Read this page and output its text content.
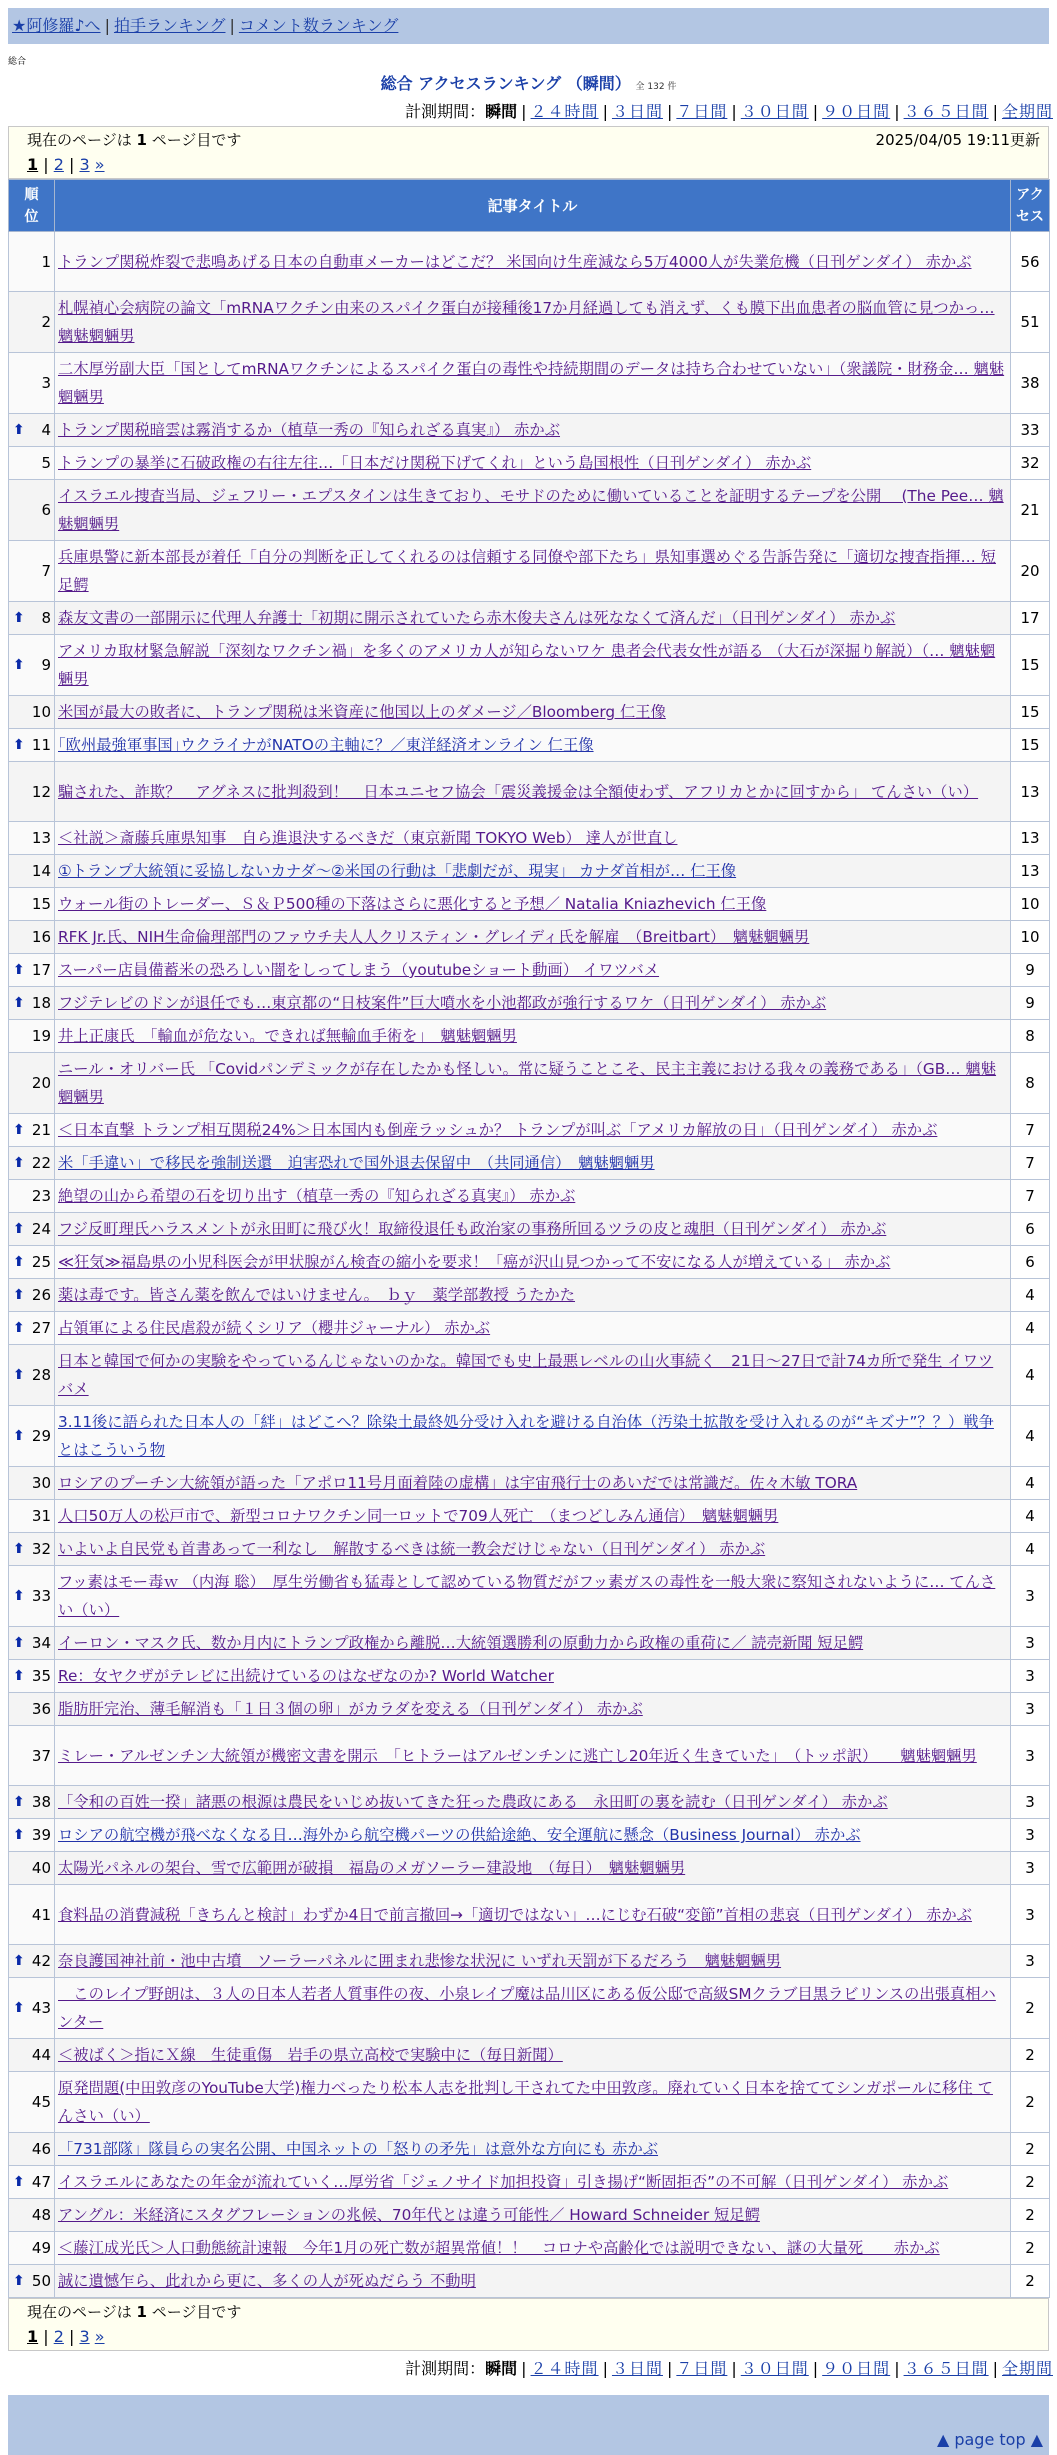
★阿修羅♪へ | 拍手ランキング | コメント数ランキング
総合
総合 アクセスランキング （瞬間） 全 132 件
計測期間：瞬間 | ２４時間 | ３日間 | ７日間 | ３０日間 | ９０日間 | ３６５日間 | 全期間
現在のページは 1 ページ目です	2025/04/05 19:11更新
1 | 2 | 3 »
順位	記事タイトル	アクセス
1	トランプ関税炸裂で悲鳴あげる日本の自動車メーカーはどこだ？ 米国向け生産減なら5万4000人が失業危機（日刊ゲンダイ） 赤かぶ	56
2	札幌禎心会病院の論文「mRNAワクチン由来のスパイク蛋白が接種後17か月経過しても消えず、くも膜下出血患者の脳血管に見つかっ… 魑魅魍魎男	51
3	二木厚労副大臣「国としてmRNAワクチンによるスパイク蛋白の毒性や持続期間のデータは持ち合わせていない」（衆議院・財務金… 魑魅魍魎男	38

⬆ 4	トランプ関税暗雲は霧消するか（植草一秀の『知られざる真実』） 赤かぶ	33
5	トランプの暴挙に石破政権の右往左往…「日本だけ関税下げてくれ」という島国根性（日刊ゲンダイ） 赤かぶ	32
6	イスラエル捜査当局、ジェフリー・エプスタインは生きており、モサドのために働いていることを証明するテープを公開 　(The Pee… 魑魅魍魎男	21
7	兵庫県警に新本部長が着任「自分の判断を正してくれるのは信頼する同僚や部下たち」県知事選めぐる告訴告発に「適切な捜査指揮… 短足鰐	20

⬆ 8	森友文書の一部開示に代理人弁護士「初期に開示されていたら赤木俊夫さんは死ななくて済んだ」（日刊ゲンダイ） 赤かぶ	17

⬆ 9	アメリカ取材緊急解説「深刻なワクチン禍」を多くのアメリカ人が知らないワケ 患者会代表女性が語る （大石が深掘り解説）（… 魑魅魍魎男	15
10	米国が最大の敗者に、トランプ関税は米資産に他国以上のダメージ／Bloomberg 仁王像	15

⬆ 11	｢欧州最強軍事国｣ウクライナがNATOの主軸に？／東洋経済オンライン 仁王像	15
12	騙された、詐欺？　アグネスに批判殺到！　日本ユニセフ協会「震災義援金は全額使わず、アフリカとかに回すから」 てんさい（い）	13
13	＜社説＞斎藤兵庫県知事　自ら進退決するべきだ（東京新聞 TOKYO Web） 達人が世直し	13
14	①トランプ大統領に妥協しないカナダ～②米国の行動は「悲劇だが、現実」 カナダ首相が… 仁王像	13
15	ウォール街のトレーダー、Ｓ＆Ｐ500種の下落はさらに悪化すると予想／ Natalia Kniazhevich 仁王像	10
16	RFK Jr.氏、NIH生命倫理部門のファウチ夫人人クリスティン・グレイディ氏を解雇　（Breitbart）　魑魅魍魎男	10

⬆ 17	スーパー店員備蓄米の恐ろしい闇をしってしまう（youtubeショート動画） イワツバメ	9

⬆ 18	フジテレビのドンが退任でも…東京都の“日枝案件”巨大噴水を小池都政が強行するワケ（日刊ゲンダイ） 赤かぶ	9
19	井上正康氏　「輸血が危ない。できれば無輸血手術を」　魑魅魍魎男	8
20	ニール・オリバー氏 「Covidパンデミックが存在したかも怪しい。常に疑うことこそ、民主主義における我々の義務である」（GB… 魑魅魍魎男	8

⬆ 21	＜日本直撃 トランプ相互関税24%＞日本国内も倒産ラッシュか？ トランプが叫ぶ「アメリカ解放の日」（日刊ゲンダイ） 赤かぶ	7

⬆ 22	米「手違い」で移民を強制送還　迫害恐れで国外退去保留中　（共同通信）　魑魅魍魎男	7
23	絶望の山から希望の石を切り出す（植草一秀の『知られざる真実』） 赤かぶ	7

⬆ 24	フジ反町理氏ハラスメントが永田町に飛び火！取締役退任も政治家の事務所回るツラの皮と魂胆（日刊ゲンダイ） 赤かぶ	6

⬆ 25	≪狂気≫福島県の小児科医会が甲状腺がん検査の縮小を要求！「癌が沢山見つかって不安になる人が増えている」 赤かぶ	6

⬆ 26	薬は毒です。皆さん薬を飲んではいけません。　ｂｙ　薬学部教授 うたかた	4

⬆ 27	占領軍による住民虐殺が続くシリア（櫻井ジャーナル） 赤かぶ	4

⬆ 28	日本と韓国で何かの実験をやっているんじゃないのかな。韓国でも史上最悪レベルの山火事続く　21日～27日で計74カ所で発生 イワツバメ	4

⬆ 29	3.11後に語られた日本人の「絆」はどこへ？除染土最終処分受け入れを避ける自治体（汚染土拡散を受け入れるのが“キズナ”？？）戦争とはこういう物	4
30	ロシアのプーチン大統領が語った「アポロ11号月面着陸の虚構」は宇宙飛行士のあいだでは常識だ。佐々木敏 TORA	4
31	人口50万人の松戸市で、新型コロナワクチン同一ロットで709人死亡　（まつどしみん通信）　魑魅魍魎男	4

⬆ 32	いよいよ自民党も首書あって一利なし　解散するべきは統一教会だけじゃない（日刊ゲンダイ） 赤かぶ	4

⬆ 33	フッ素はモー毒ｗ （内海 聡）　厚生労働省も猛毒として認めている物質だがフッ素ガスの毒性を一般大衆に察知されないように… てんさい（い）	3

⬆ 34	イーロン・マスク氏、数か月内にトランプ政権から離脱…大統領選勝利の原動力から政権の重荷に／ 読売新聞 短足鰐	3

⬆ 35	Re：女ヤクザがテレビに出続けているのはなぜなのか? World Watcher	3
36	脂肪肝完治、薄毛解消も「１日３個の卵」がカラダを変える（日刊ゲンダイ） 赤かぶ	3
37	ミレー・アルゼンチン大統領が機密文書を開示　「ヒトラーはアルゼンチンに逃亡し20年近く生きていた」　（トッポ訳）　　魑魅魍魎男	3

⬆ 38	「令和の百姓一揆」諸悪の根源は農民をいじめ抜いてきた狂った農政にある　永田町の裏を読む（日刊ゲンダイ） 赤かぶ	3

⬆ 39	ロシアの航空機が飛べなくなる日…海外から航空機パーツの供給途絶、安全運航に懸念（Business Journal） 赤かぶ	3
40	太陽光パネルの架台、雪で広範囲が破損　福島のメガソーラー建設地　（毎日）　魑魅魍魎男	3
41	食料品の消費減税「きちんと検討」わずか4日で前言撤回→「適切ではない」…にじむ石破“変節”首相の悲哀（日刊ゲンダイ） 赤かぶ	3

⬆ 42	奈良護国神社前・池中古墳　ソーラーパネルに囲まれ悲惨な状況に いずれ天罰が下るだろう　魑魅魍魎男	3

⬆ 43	　このレイプ野朗は、３人の日本人若者人質事件の夜、小泉レイプ魔は品川区にある仮公邸で高級SMクラブ目黒ラビリンスの出張真相ハンター	2
44	＜被ばく＞指にＸ線　生徒重傷　岩手の県立高校で実験中に（毎日新聞）	2
45	原発問題(中田敦彦のYouTube大学)権力べったり松本人志を批判し干されてた中田敦彦。廃れていく日本を捨ててシンガポールに移住 てんさい（い）	2
46	「731部隊」隊員らの実名公開、中国ネットの「怒りの矛先」は意外な方向にも 赤かぶ	2

⬆ 47	イスラエルにあなたの年金が流れていく…厚労省「ジェノサイド加担投資」引き揚げ“断固拒否”の不可解（日刊ゲンダイ） 赤かぶ	2
48	アングル：米経済にスタグフレーションの兆候、70年代とは違う可能性／ Howard Schneider 短足鰐	2
49	＜藤江成光氏＞人口動態統計速報　今年1月の死亡数が超異常値！！　コロナや高齢化では説明できない、謎の大量死　　赤かぶ	2

⬆ 50	誠に遺憾乍ら、此れから更に、多くの人が死ぬだらう 不動明	2
現在のページは 1 ページ目です
1 | 2 | 3 »
計測期間：瞬間 | ２４時間 | ３日間 | ７日間 | ３０日間 | ９０日間 | ３６５日間 | 全期間
▲ page top ▲
